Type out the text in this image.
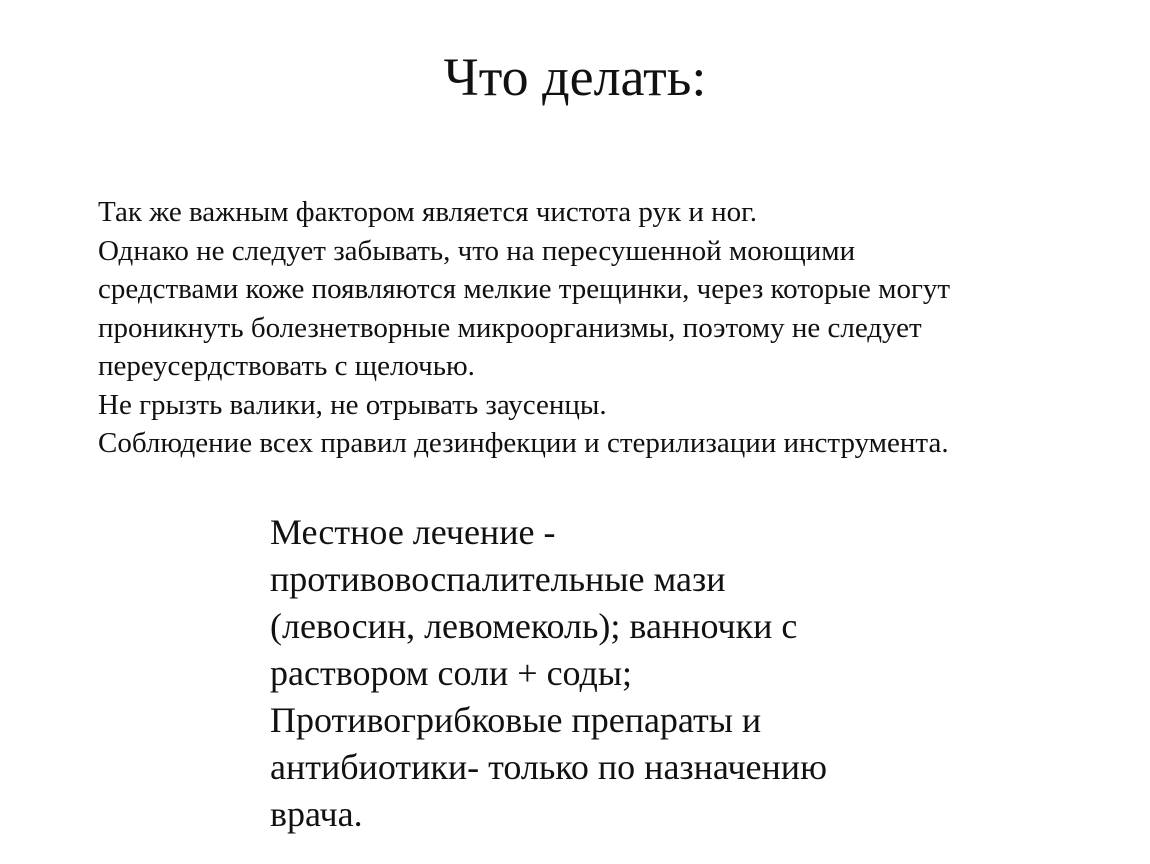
Что делать:

Так же важным фактором является чистота рук и ног.

Однако не следует забывать, что на пересушенной моющими

средствами коже появляются мелкие трещинки, через которые могут

проникнуть болезнетворные микроорганизмы, поэтому не следует

переусердствовать с щелочью.

Не грызть валики, не отрывать заусенцы.

Соблюдение всех правил дезинфекции и стерилизации инструмента.

Местное лечение -

противовоспалительные мази

(левосин, левомеколь); ванночки с

раствором соли + соды;

Противогрибковые препараты и

антибиотики- только по назначению

врача.
